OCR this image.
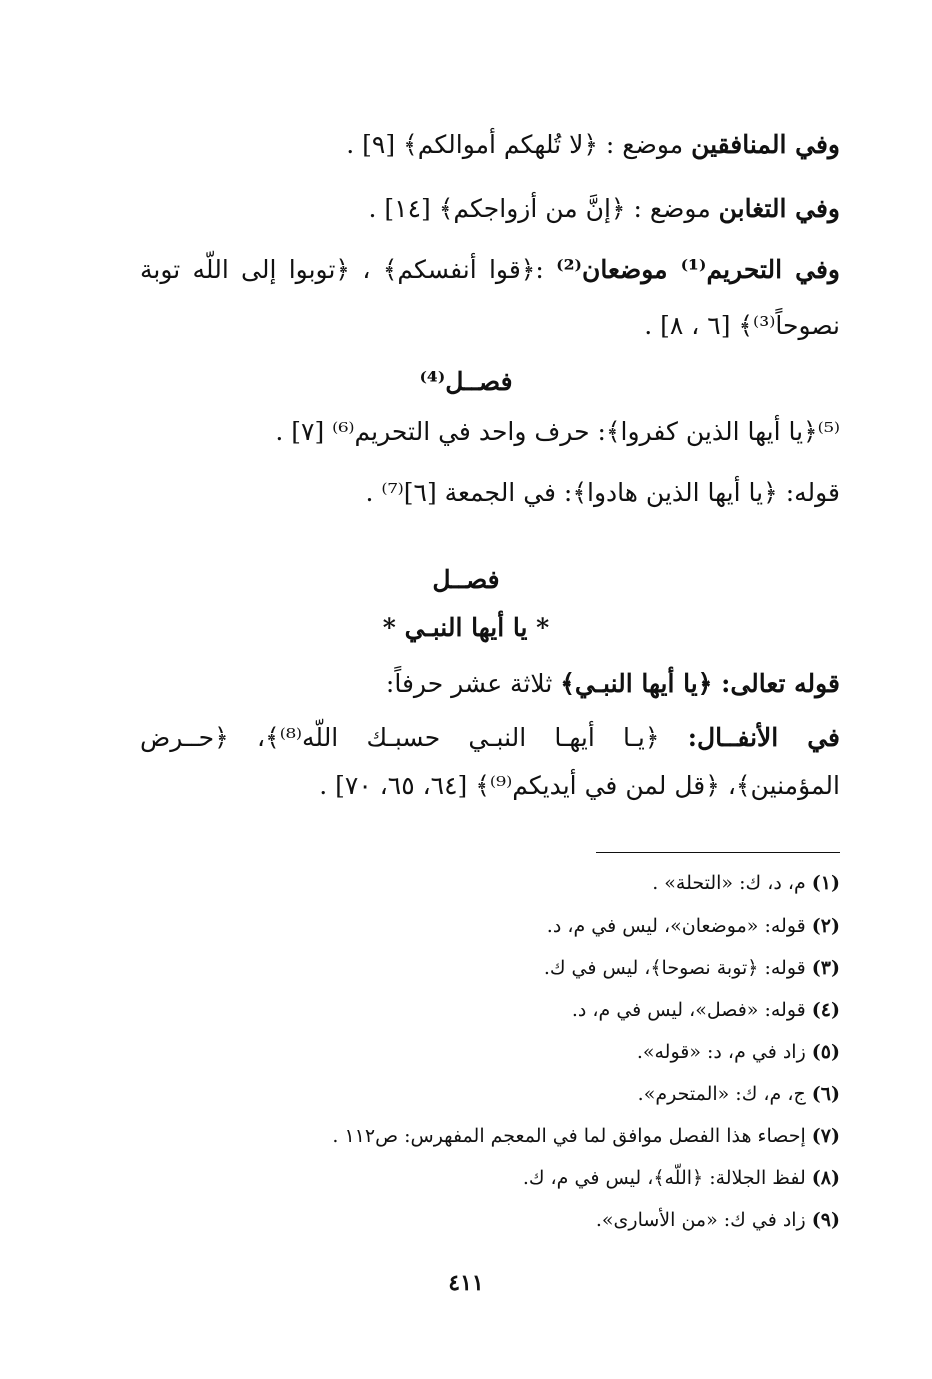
وفي المنافقين موضع : ﴿لا تُلهكم أموالكم﴾ [٩] .
وفي التغابن موضع : ﴿إنَّ من أزواجكم﴾ [١٤] .
وفي التحريم⁽¹⁾ موضعان⁽²⁾ :﴿قوا أنفسكم﴾ ، ﴿توبوا إلى اللّه توبة
نصوحاً⁽³⁾﴾ [٦ ، ٨] .
فصــل⁽⁴⁾
⁽⁵⁾﴿يا أيها الذين كفروا﴾: حرف واحد في التحريم⁽⁶⁾ [٧] .
قوله: ﴿يا أيها الذين هادوا﴾: في الجمعة [٦]⁽⁷⁾ .
فصــل
* يا أيها النبـي *
قوله تعالى: ﴿يا أيها النبـي﴾ ثلاثة عشر حرفاً:
في الأنفــال: ﴿يـا أيهـا النبـي حسبـك اللّه⁽⁸⁾﴾، ﴿حــرض
المؤمنين﴾، ﴿قل لمن في أيديكم⁽⁹⁾﴾ [٦٤، ٦٥، ٧٠] .
(١) م، د، ك: «التحلة» .
(٢) قوله: «موضعان»، ليس في م، د.
(٣) قوله: ﴿توبة نصوحا﴾، ليس في ك.
(٤) قوله: «فصل»، ليس في م، د.
(٥) زاد في م، د: «قوله».
(٦) ج، م، ك: «المتحرم».
(٧) إحصاء هذا الفصل موافق لما في المعجم المفهرس: ص١١٢ .
(٨) لفظ الجلالة: ﴿اللّه﴾، ليس في م، ك.
(٩) زاد في ك: «من الأسارى».
٤١١
